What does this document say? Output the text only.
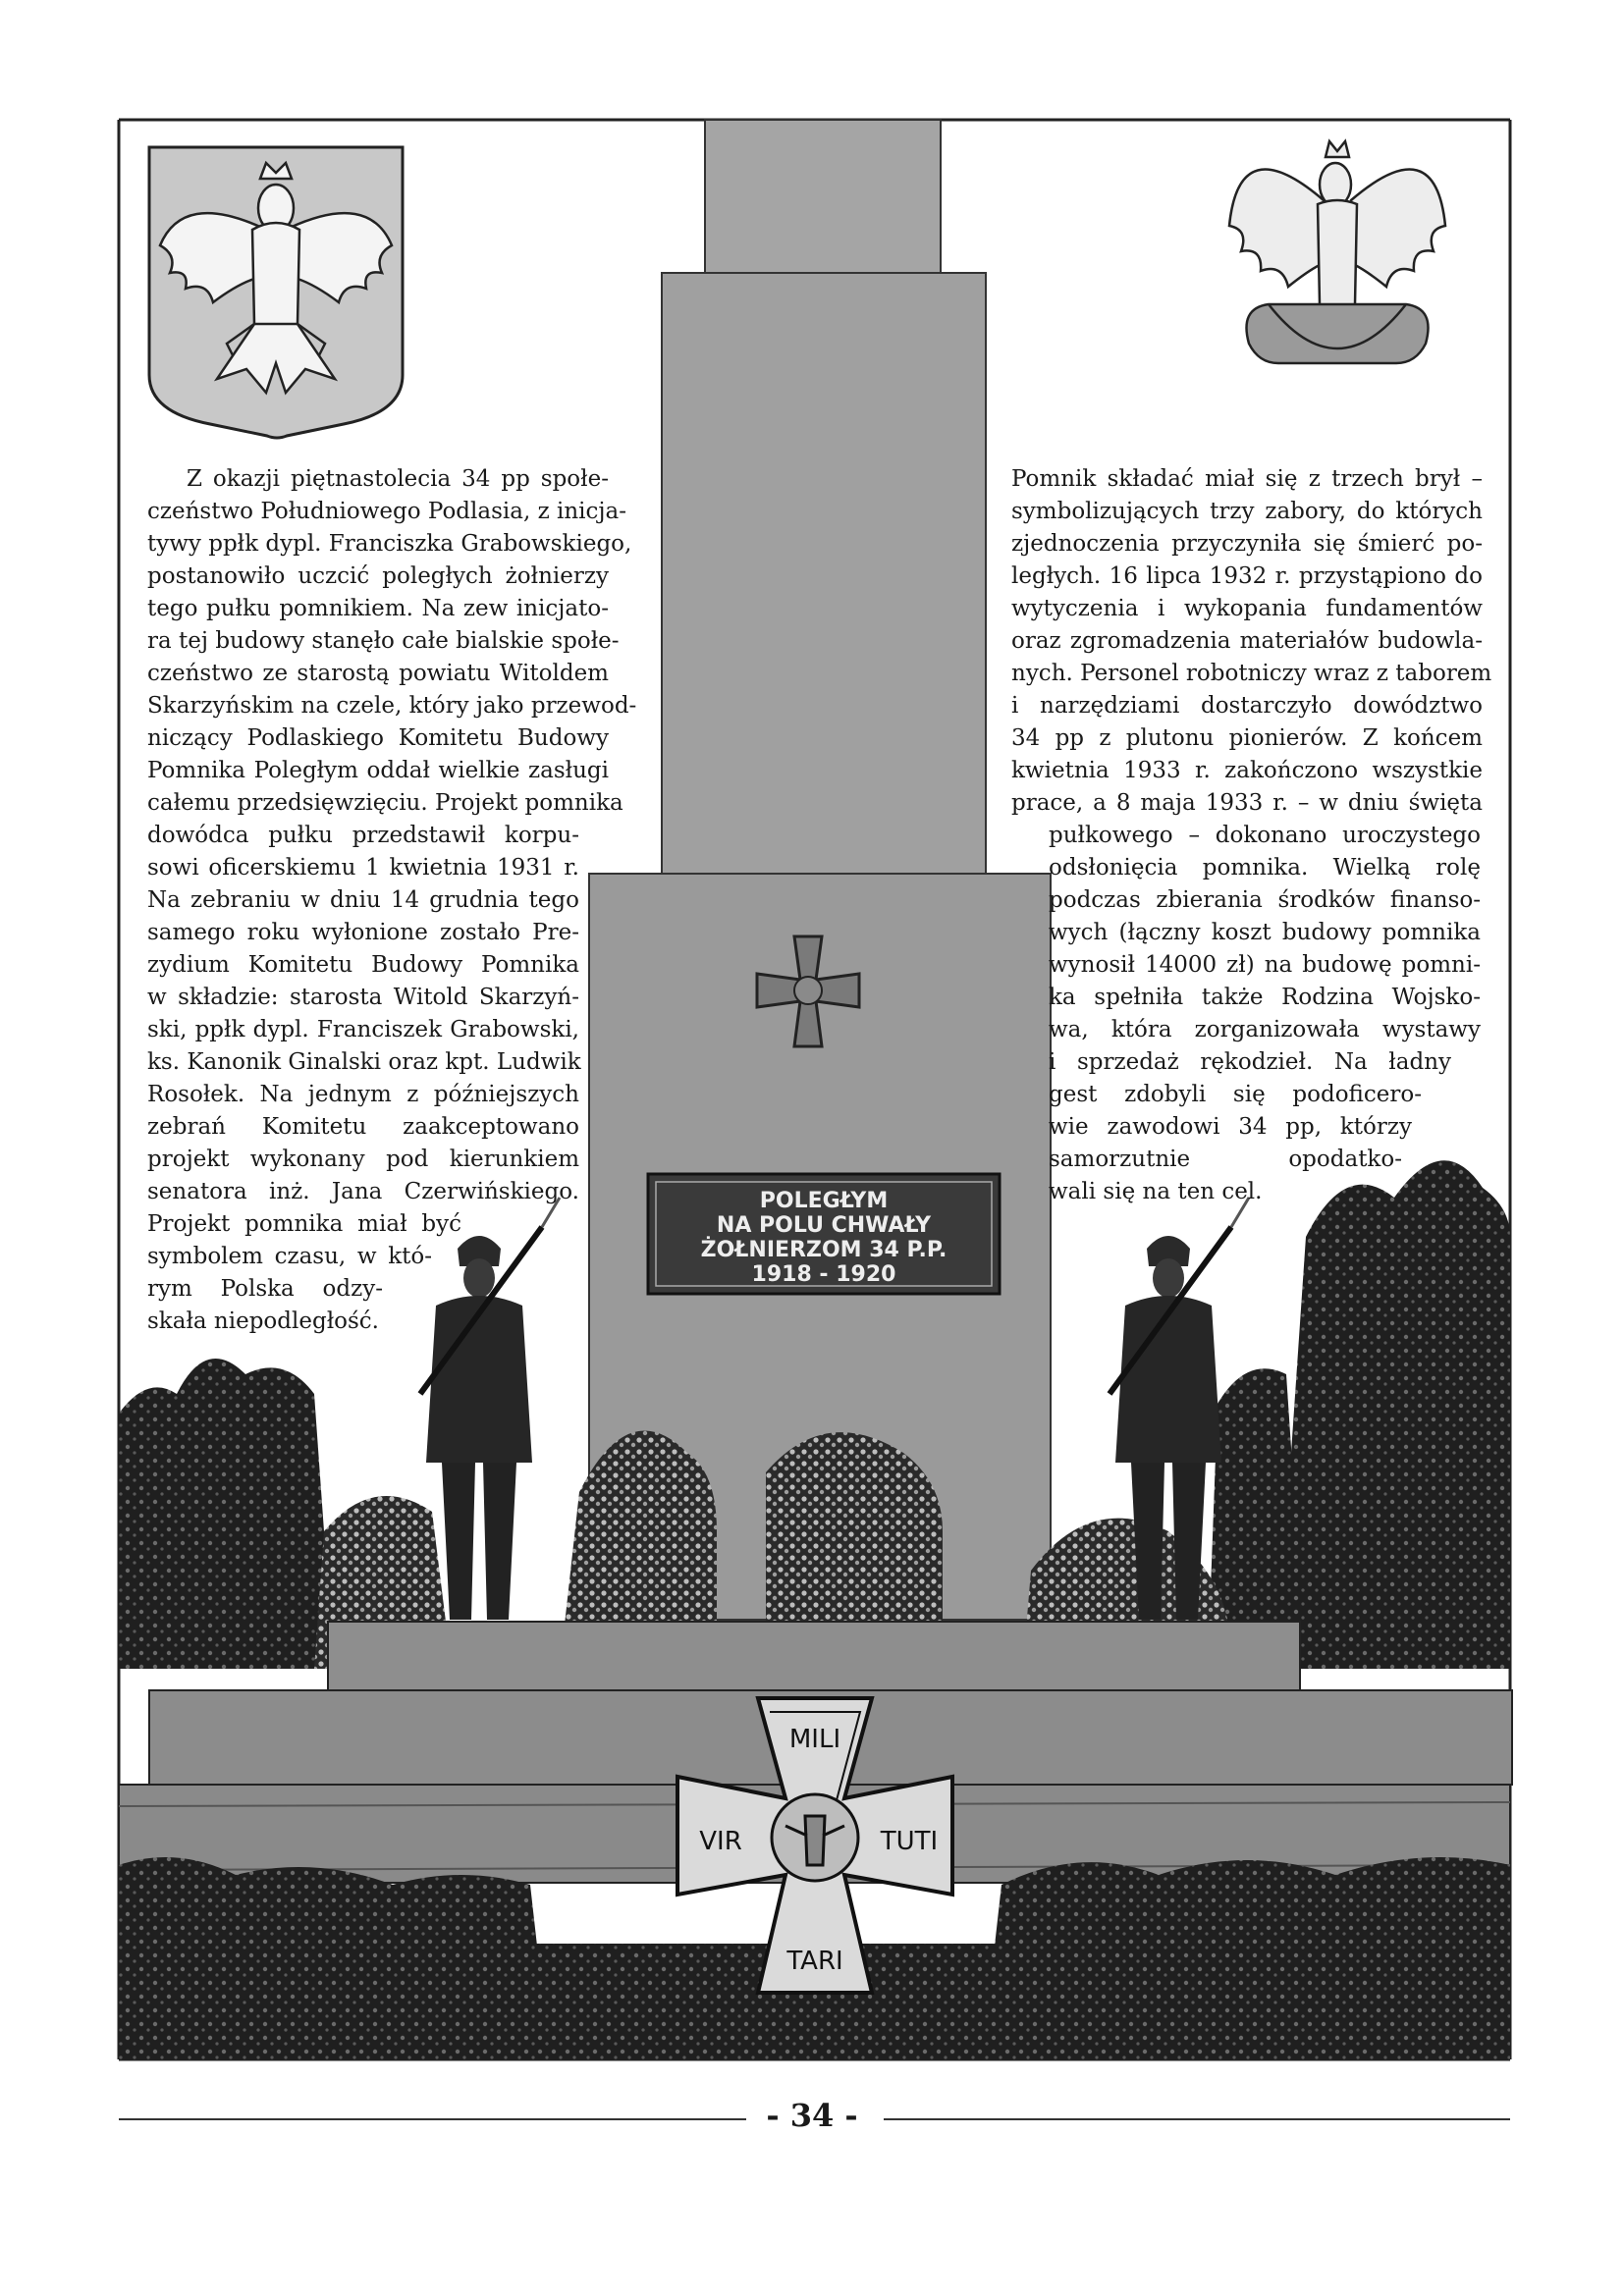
POLEGŁYM
NA POLU CHWAŁY
ŻOŁNIERZOM 34 P.P.
1918 - 1920
MILI
VIR	TUTI
TARI
Z okazji piętnastolecia 34 pp społe-
czeństwo Południowego Podlasia, z inicja-
tywy ppłk dypl. Franciszka Grabowskiego,
postanowiło uczcić poległych żołnierzy
tego pułku pomnikiem. Na zew inicjato-
ra tej budowy stanęło całe bialskie społe-
czeństwo ze starostą powiatu Witoldem
Skarzyńskim na czele, który jako przewod-
niczący Podlaskiego Komitetu Budowy
Pomnika Poległym oddał wielkie zasługi
całemu przedsięwzięciu. Projekt pomnika
dowódca pułku przedstawił korpu-
sowi oficerskiemu 1 kwietnia 1931 r.
Na zebraniu w dniu 14 grudnia tego
samego roku wyłonione zostało Pre-
zydium Komitetu Budowy Pomnika
w składzie: starosta Witold Skarzyń-
ski, ppłk dypl. Franciszek Grabowski,
ks. Kanonik Ginalski oraz kpt. Ludwik
Rosołek. Na jednym z późniejszych
zebrań Komitetu zaakceptowano
projekt wykonany pod kierunkiem
senatora inż. Jana Czerwińskiego.
Projekt pomnika miał być
symbolem czasu, w któ-
rym Polska odzy-
skała niepodległość.
Pomnik składać miał się z trzech brył –
symbolizujących trzy zabory, do których
zjednoczenia przyczyniła się śmierć po-
ległych. 16 lipca 1932 r. przystąpiono do
wytyczenia i wykopania fundamentów
oraz zgromadzenia materiałów budowla-
nych. Personel robotniczy wraz z taborem
i narzędziami dostarczyło dowództwo
34 pp z plutonu pionierów. Z końcem
kwietnia 1933 r. zakończono wszystkie
prace, a 8 maja 1933 r. – w dniu święta
pułkowego – dokonano uroczystego
odsłonięcia pomnika. Wielką rolę
podczas zbierania środków finanso-
wych (łączny koszt budowy pomnika
wynosił 14000 zł) na budowę pomni-
ka spełniła także Rodzina Wojsko-
wa, która zorganizowała wystawy
i sprzedaż rękodzieł. Na ładny
gest zdobyli się podoficero-
wie zawodowi 34 pp, którzy
samorzutnie opodatko-
wali się na ten cel.
- 34 -
